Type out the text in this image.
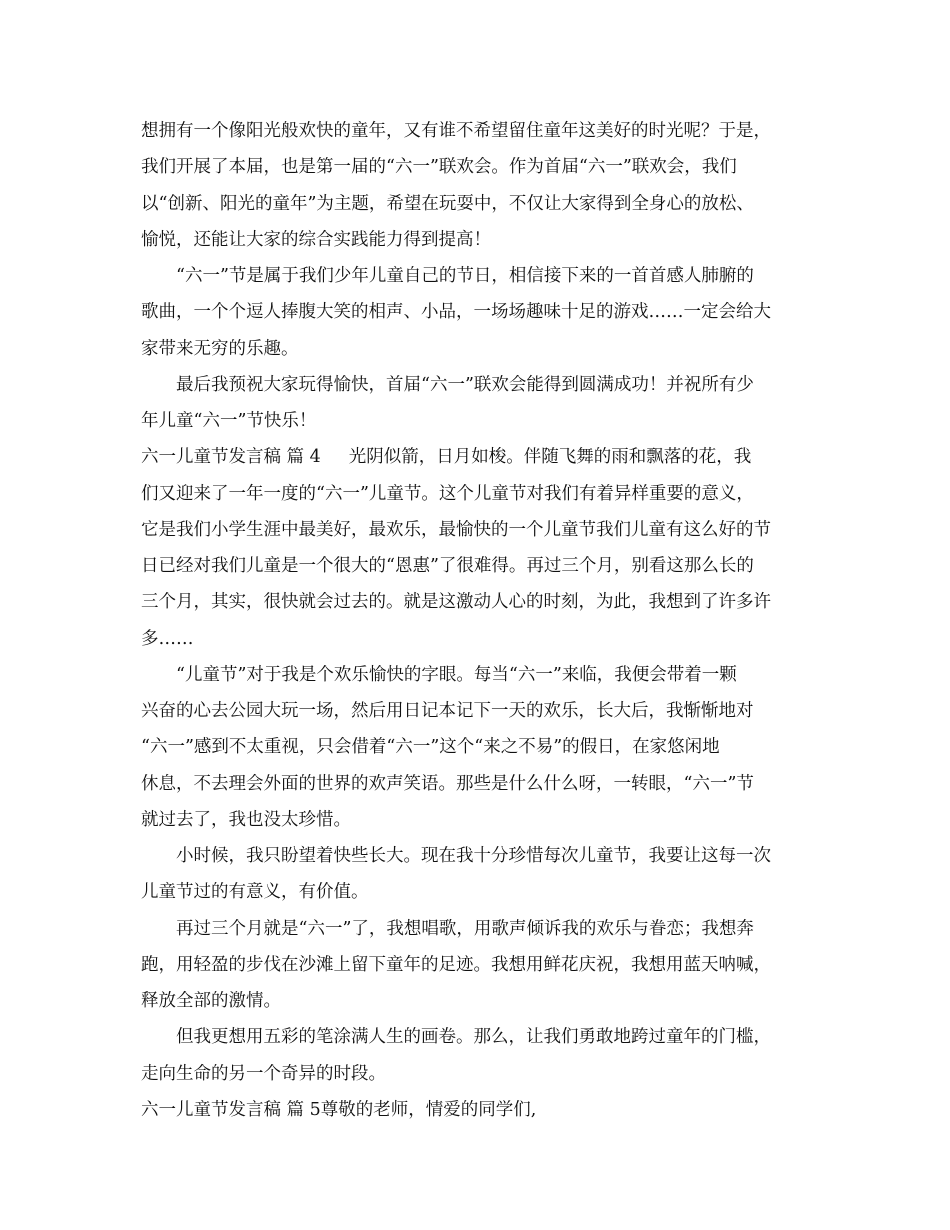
想拥有一个像阳光般欢快的童年，又有谁不希望留住童年这美好的时光呢？于是，
我们开展了本届，也是第一届的“六一”联欢会。作为首届“六一”联欢会，我们
以“创新、阳光的童年”为主题，希望在玩耍中，不仅让大家得到全身心的放松、
愉悦，还能让大家的综合实践能力得到提高！
“六一”节是属于我们少年儿童自己的节日，相信接下来的一首首感人肺腑的
歌曲，一个个逗人捧腹大笑的相声、小品，一场场趣味十足的游戏……一定会给大
家带来无穷的乐趣。
最后我预祝大家玩得愉快，首届“六一”联欢会能得到圆满成功！并祝所有少
年儿童“六一”节快乐！
六一儿童节发言稿 篇 4 光阴似箭，日月如梭。伴随飞舞的雨和飘落的花，我
们又迎来了一年一度的“六一”儿童节。这个儿童节对我们有着异样重要的意义，
它是我们小学生涯中最美好，最欢乐，最愉快的一个儿童节我们儿童有这么好的节
日已经对我们儿童是一个很大的“恩惠”了很难得。再过三个月，别看这那么长的
三个月，其实，很快就会过去的。就是这激动人心的时刻，为此，我想到了许多许
多……
“儿童节”对于我是个欢乐愉快的字眼。每当“六一”来临，我便会带着一颗
兴奋的心去公园大玩一场，然后用日记本记下一天的欢乐，长大后，我惭惭地对
“六一”感到不太重视，只会借着“六一”这个“来之不易”的假日，在家悠闲地
休息，不去理会外面的世界的欢声笑语。那些是什么什么呀，一转眼，“六一”节
就过去了，我也没太珍惜。
小时候，我只盼望着快些长大。现在我十分珍惜每次儿童节，我要让这每一次
儿童节过的有意义，有价值。
再过三个月就是“六一”了，我想唱歌，用歌声倾诉我的欢乐与眷恋；我想奔
跑，用轻盈的步伐在沙滩上留下童年的足迹。我想用鲜花庆祝，我想用蓝天呐喊，
释放全部的激情。
但我更想用五彩的笔涂满人生的画卷。那么，让我们勇敢地跨过童年的门槛，
走向生命的另一个奇异的时段。
六一儿童节发言稿 篇 5尊敬的老师，情爱的同学们,
